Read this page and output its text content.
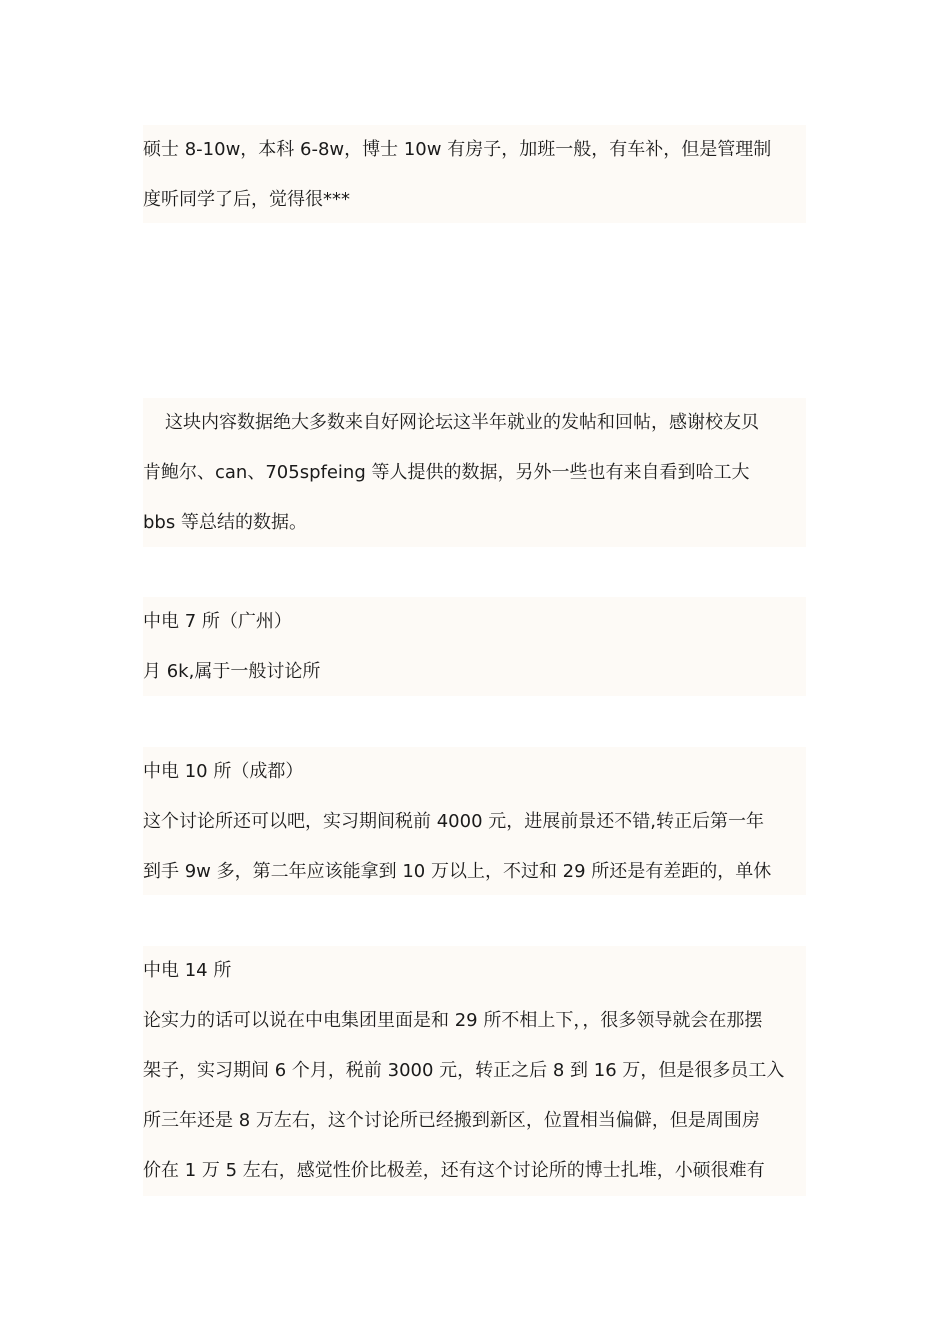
硕士 8-10w，本科 6-8w，博士 10w 有房子，加班一般，有车补，但是管理制
度听同学了后，觉得很***
这块内容数据绝大多数来自好网论坛这半年就业的发帖和回帖，感谢校友贝
肯鲍尔、can、705spfeing 等人提供的数据，另外一些也有来自看到哈工大
bbs 等总结的数据。
中电 7 所（广州）
月 6k,属于一般讨论所
中电 10 所（成都）
这个讨论所还可以吧，实习期间税前 4000 元，进展前景还不错,转正后第一年
到手 9w 多，第二年应该能拿到 10 万以上，不过和 29 所还是有差距的，单休
中电 14 所
论实力的话可以说在中电集团里面是和 29 所不相上下，，很多领导就会在那摆
架子，实习期间 6 个月，税前 3000 元，转正之后 8 到 16 万，但是很多员工入
所三年还是 8 万左右，这个讨论所已经搬到新区，位置相当偏僻，但是周围房
价在 1 万 5 左右，感觉性价比极差，还有这个讨论所的博士扎堆，小硕很难有
